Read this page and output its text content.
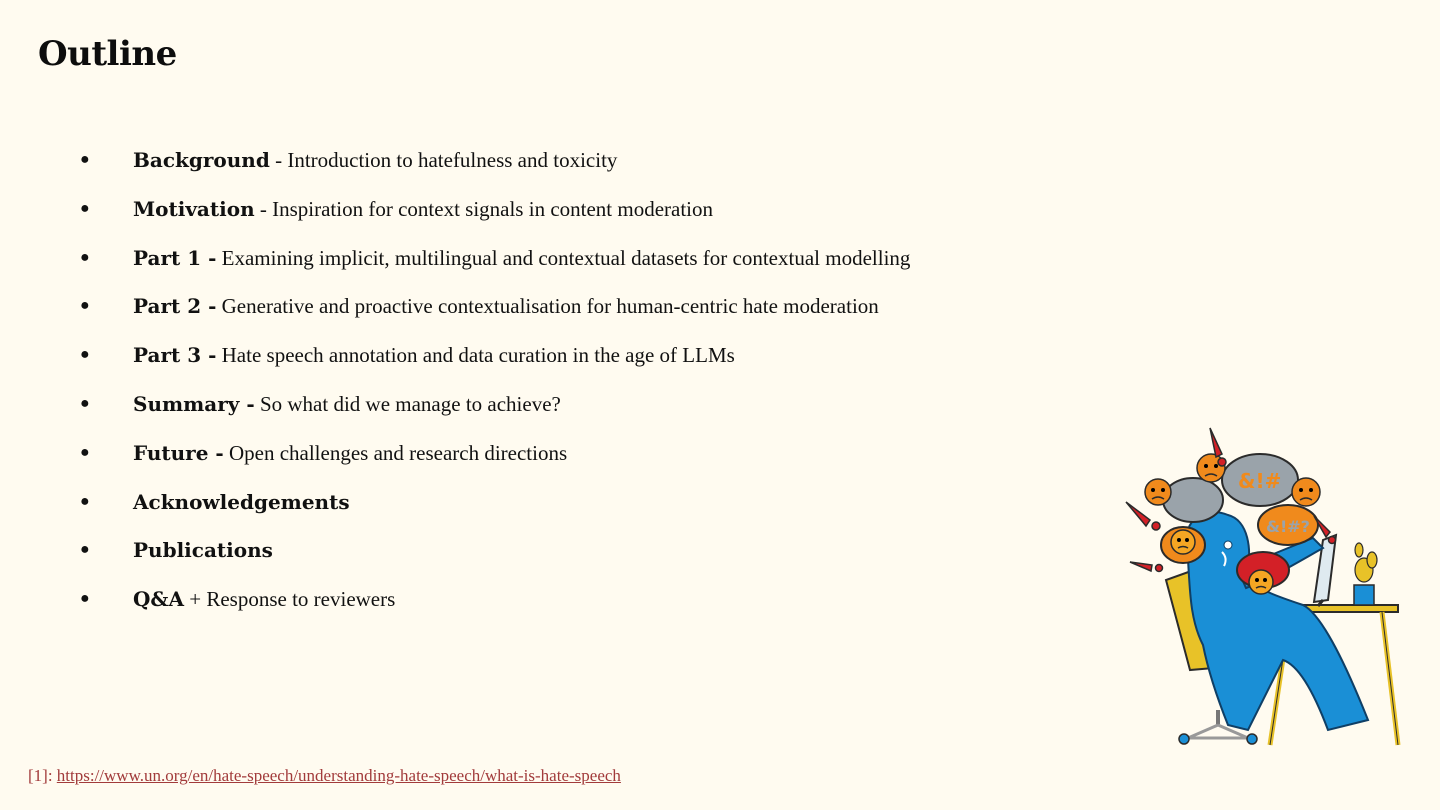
Outline
●	Background - Introduction to hatefulness and toxicity
●	Motivation - Inspiration for context signals in content moderation
●	Part 1 - Examining implicit, multilingual and contextual datasets for contextual modelling
●	Part 2 - Generative and proactive contextualisation for human-centric hate moderation
●	Part 3 - Hate speech annotation and data curation in the age of LLMs
●	Summary - So what did we manage to achieve?
●	Future - Open challenges and research directions
●	Acknowledgements
●	Publications
●	Q&A + Response to reviewers
&!#
&!#?
[1]: https://www.un.org/en/hate-speech/understanding-hate-speech/what-is-hate-speech
